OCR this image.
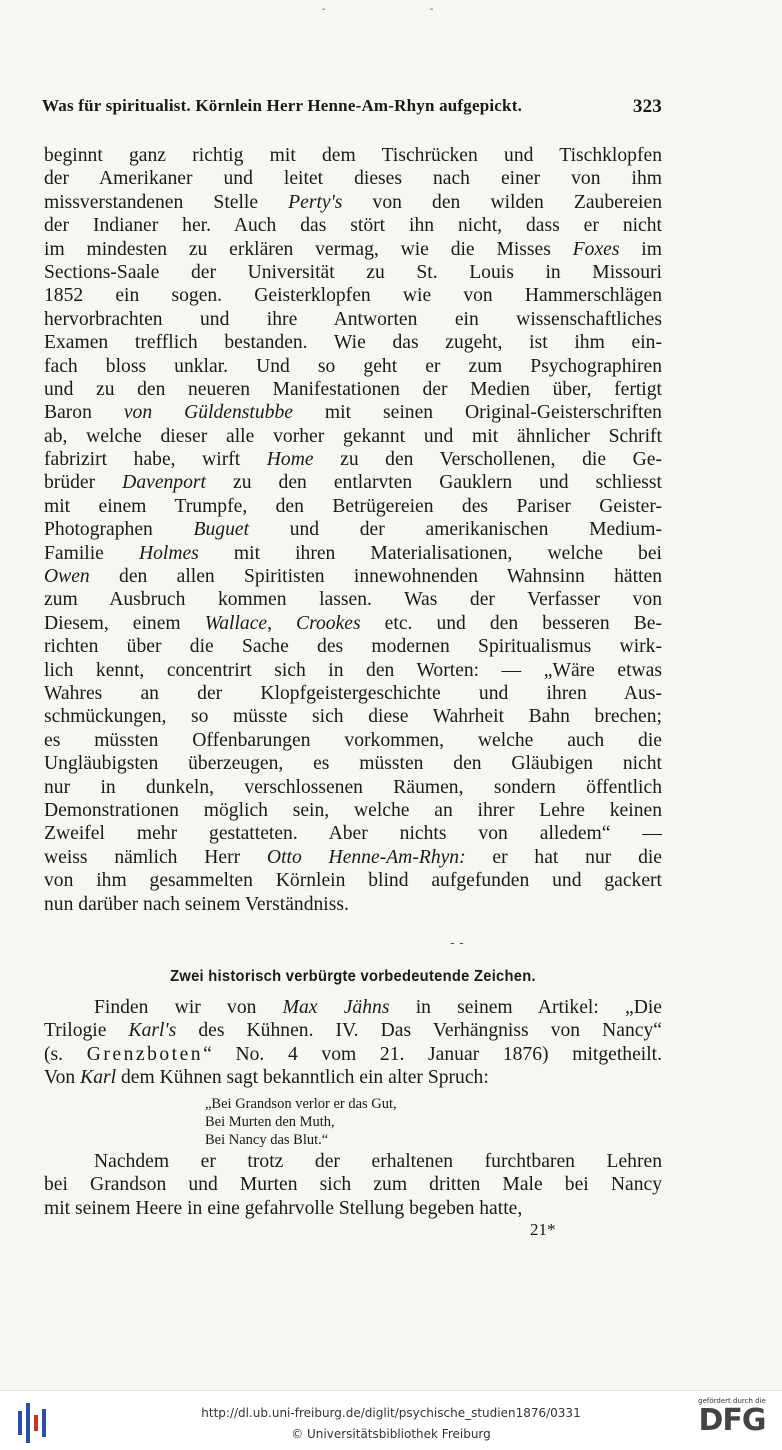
-	-
Was für spiritualist. Körnlein Herr Henne-Am-Rhyn aufgepickt.	323
beginnt ganz richtig mit dem Tischrücken und Tischklopfen
der Amerikaner und leitet dieses nach einer von ihm
missverstandenen Stelle Perty's von den wilden Zaubereien
der Indianer her. Auch das stört ihn nicht, dass er nicht
im mindesten zu erklären vermag, wie die Misses Foxes im
Sections-Saale der Universität zu St. Louis in Missouri
1852 ein sogen. Geisterklopfen wie von Hammerschlägen
hervorbrachten und ihre Antworten ein wissenschaftliches
Examen trefflich bestanden. Wie das zugeht, ist ihm ein-
fach bloss unklar. Und so geht er zum Psychographiren
und zu den neueren Manifestationen der Medien über, fertigt
Baron von Güldenstubbe mit seinen Original-Geisterschriften
ab, welche dieser alle vorher gekannt und mit ähnlicher Schrift
fabrizirt habe, wirft Home zu den Verschollenen, die Ge-
brüder Davenport zu den entlarvten Gauklern und schliesst
mit einem Trumpfe, den Betrügereien des Pariser Geister-
Photographen Buguet und der amerikanischen Medium-
Familie Holmes mit ihren Materialisationen, welche bei
Owen den allen Spiritisten innewohnenden Wahnsinn hätten
zum Ausbruch kommen lassen. Was der Verfasser von
Diesem, einem Wallace, Crookes etc. und den besseren Be-
richten über die Sache des modernen Spiritualismus wirk-
lich kennt, concentrirt sich in den Worten: — „Wäre etwas
Wahres an der Klopfgeistergeschichte und ihren Aus-
schmückungen, so müsste sich diese Wahrheit Bahn brechen;
es müssten Offenbarungen vorkommen, welche auch die
Ungläubigsten überzeugen, es müssten den Gläubigen nicht
nur in dunkeln, verschlossenen Räumen, sondern öffentlich
Demonstrationen möglich sein, welche an ihrer Lehre keinen
Zweifel mehr gestatteten. Aber nichts von alledem“ —
weiss nämlich Herr Otto Henne-Am-Rhyn: er hat nur die
von ihm gesammelten Körnlein blind aufgefunden und gackert
nun darüber nach seinem Verständniss.
- -
Zwei historisch verbürgte vorbedeutende Zeichen.
Finden wir von Max Jähns in seinem Artikel: „Die
Trilogie Karl's des Kühnen. IV. Das Verhängniss von Nancy“
(s. Grenzboten“ No. 4 vom 21. Januar 1876) mitgetheilt.
Von Karl dem Kühnen sagt bekanntlich ein alter Spruch:
„Bei Grandson verlor er das Gut,
Bei Murten den Muth,
Bei Nancy das Blut.“
Nachdem er trotz der erhaltenen furchtbaren Lehren
bei Grandson und Murten sich zum dritten Male bei Nancy
mit seinem Heere in eine gefahrvolle Stellung begeben hatte,
21*
http://dl.ub.uni-freiburg.de/diglit/psychische_studien1876/0331
© Universitätsbibliothek Freiburg
gefördert durch die
DFG
